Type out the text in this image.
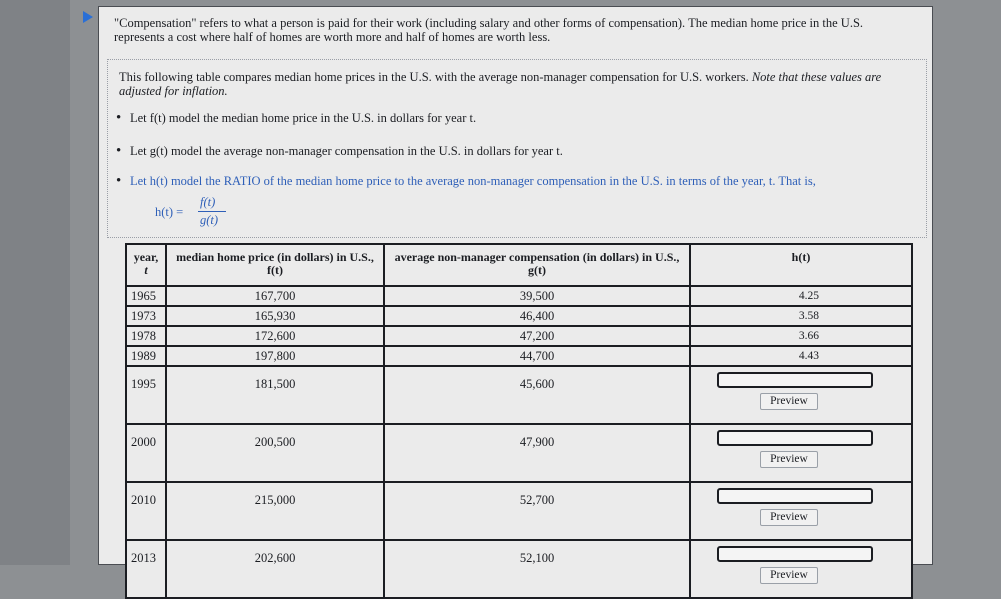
"Compensation" refers to what a person is paid for their work (including salary and other forms of compensation). The median home price in the U.S. represents a cost where half of homes are worth more and half of homes are worth less.
This following table compares median home prices in the U.S. with the average non-manager compensation for U.S. workers. Note that these values are adjusted for inflation.
• Let f(t) model the median home price in the U.S. in dollars for year t.
• Let g(t) model the average non-manager compensation in the U.S. in dollars for year t.
• Let h(t) model the RATIO of the median home price to the average non-manager compensation in the U.S. in terms of the year, t. That is,
h(t) =
f(t)
g(t)
year,
t	median home price (in dollars) in U.S., f(t)	average non-manager compensation (in dollars) in U.S., g(t)	h(t)
1965	167,700	39,500	4.25
1973	165,930	46,400	3.58
1978	172,600	47,200	3.66
1989	197,800	44,700	4.43
1995	181,500	45,600	Preview

2000	200,500	47,900	Preview

2010	215,000	52,700	Preview

2013	202,600	52,100	Preview
